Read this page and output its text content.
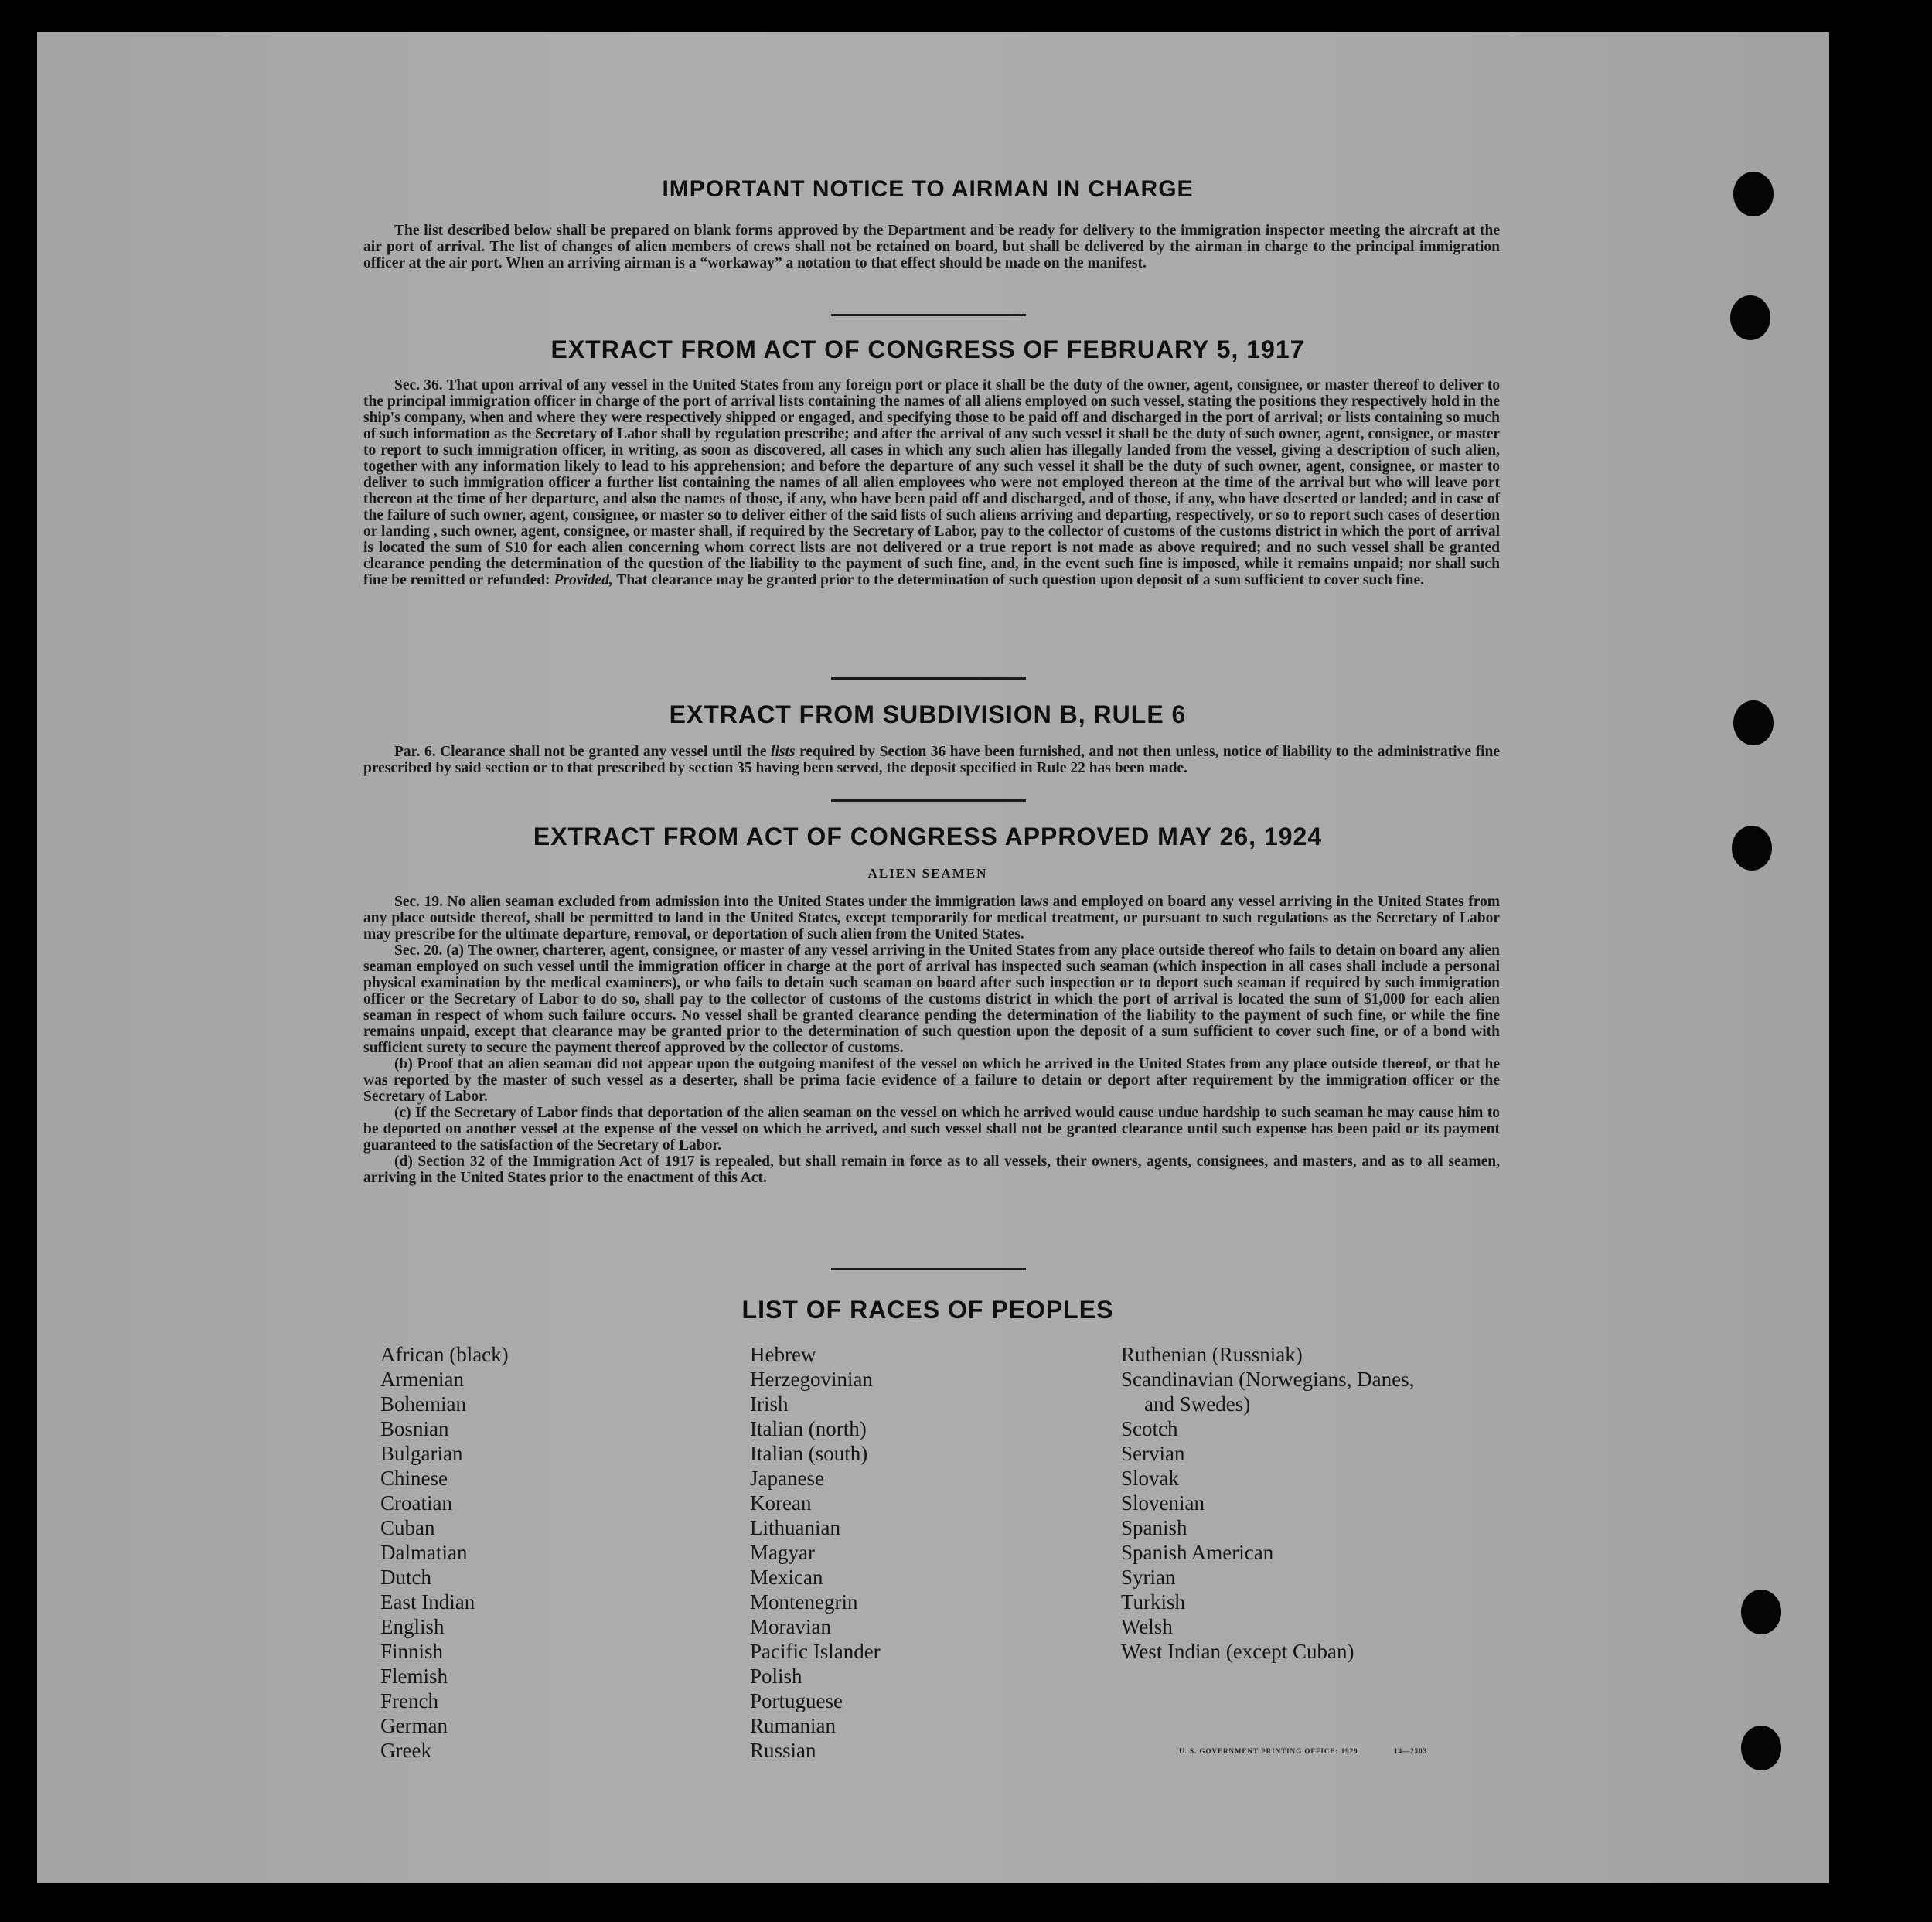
IMPORTANT NOTICE TO AIRMAN IN CHARGE

The list described below shall be prepared on blank forms approved by the Department and be ready for delivery to the immigration inspector meeting the aircraft at the air port of arrival. The list of changes of alien members of crews shall not be retained on board, but shall be delivered by the airman in charge to the principal immigration officer at the air port. When an arriving airman is a “workaway” a notation to that effect should be made on the manifest.

EXTRACT FROM ACT OF CONGRESS OF FEBRUARY 5, 1917

Sec. 36. That upon arrival of any vessel in the United States from any foreign port or place it shall be the duty of the owner, agent, consignee, or master thereof to deliver to the principal immigration officer in charge of the port of arrival lists containing the names of all aliens employed on such vessel, stating the positions they respectively hold in the ship's company, when and where they were respectively shipped or engaged, and specifying those to be paid off and discharged in the port of arrival; or lists containing so much of such information as the Secretary of Labor shall by regulation prescribe; and after the arrival of any such vessel it shall be the duty of such owner, agent, consignee, or master to report to such immigration officer, in writing, as soon as discovered, all cases in which any such alien has illegally landed from the vessel, giving a description of such alien, together with any information likely to lead to his apprehension; and before the departure of any such vessel it shall be the duty of such owner, agent, consignee, or master to deliver to such immigration officer a further list containing the names of all alien employees who were not employed thereon at the time of the arrival but who will leave port thereon at the time of her departure, and also the names of those, if any, who have been paid off and discharged, and of those, if any, who have deserted or landed; and in case of the failure of such owner, agent, consignee, or master so to deliver either of the said lists of such aliens arriving and departing, respectively, or so to report such cases of desertion or landing , such owner, agent, consignee, or master shall, if required by the Secretary of Labor, pay to the collector of customs of the customs district in which the port of arrival is located the sum of $10 for each alien concerning whom correct lists are not delivered or a true report is not made as above required; and no such vessel shall be granted clearance pending the determination of the question of the liability to the payment of such fine, and, in the event such fine is imposed, while it remains unpaid; nor shall such fine be remitted or refunded: Provided, That clearance may be granted prior to the determination of such question upon deposit of a sum sufficient to cover such fine.

EXTRACT FROM SUBDIVISION B, RULE 6

Par. 6. Clearance shall not be granted any vessel until the lists required by Section 36 have been furnished, and not then unless, notice of liability to the administrative fine prescribed by said section or to that prescribed by section 35 having been served, the deposit specified in Rule 22 has been made.

EXTRACT FROM ACT OF CONGRESS APPROVED MAY 26, 1924
ALIEN SEAMEN

Sec. 19. No alien seaman excluded from admission into the United States under the immigration laws and employed on board any vessel arriving in the United States from any place outside thereof, shall be permitted to land in the United States, except temporarily for medical treatment, or pursuant to such regulations as the Secretary of Labor may prescribe for the ultimate departure, removal, or deportation of such alien from the United States.

Sec. 20. (a) The owner, charterer, agent, consignee, or master of any vessel arriving in the United States from any place outside thereof who fails to detain on board any alien seaman employed on such vessel until the immigration officer in charge at the port of arrival has inspected such seaman (which inspection in all cases shall include a personal physical examination by the medical examiners), or who fails to detain such seaman on board after such inspection or to deport such seaman if required by such immigration officer or the Secretary of Labor to do so, shall pay to the collector of customs of the customs district in which the port of arrival is located the sum of $1,000 for each alien seaman in respect of whom such failure occurs. No vessel shall be granted clearance pending the determination of the liability to the payment of such fine, or while the fine remains unpaid, except that clearance may be granted prior to the determination of such question upon the deposit of a sum sufficient to cover such fine, or of a bond with sufficient surety to secure the payment thereof approved by the collector of customs.

(b) Proof that an alien seaman did not appear upon the outgoing manifest of the vessel on which he arrived in the United States from any place outside thereof, or that he was reported by the master of such vessel as a deserter, shall be prima facie evidence of a failure to detain or deport after requirement by the immigration officer or the Secretary of Labor.

(c) If the Secretary of Labor finds that deportation of the alien seaman on the vessel on which he arrived would cause undue hardship to such seaman he may cause him to be deported on another vessel at the expense of the vessel on which he arrived, and such vessel shall not be granted clearance until such expense has been paid or its payment guaranteed to the satisfaction of the Secretary of Labor.

(d) Section 32 of the Immigration Act of 1917 is repealed, but shall remain in force as to all vessels, their owners, agents, consignees, and masters, and as to all seamen, arriving in the United States prior to the enactment of this Act.

LIST OF RACES OF PEOPLES
African (black)
Armenian
Bohemian
Bosnian
Bulgarian
Chinese
Croatian
Cuban
Dalmatian
Dutch
East Indian
English
Finnish
Flemish
French
German
Greek
Hebrew
Herzegovinian
Irish
Italian (north)
Italian (south)
Japanese
Korean
Lithuanian
Magyar
Mexican
Montenegrin
Moravian
Pacific Islander
Polish
Portuguese
Rumanian
Russian
Ruthenian (Russniak)
Scandinavian (Norwegians, Danes,
and Swedes)
Scotch
Servian
Slovak
Slovenian
Spanish
Spanish American
Syrian
Turkish
Welsh
West Indian (except Cuban)
U. S. GOVERNMENT PRINTING OFFICE: 1929	14—2503
